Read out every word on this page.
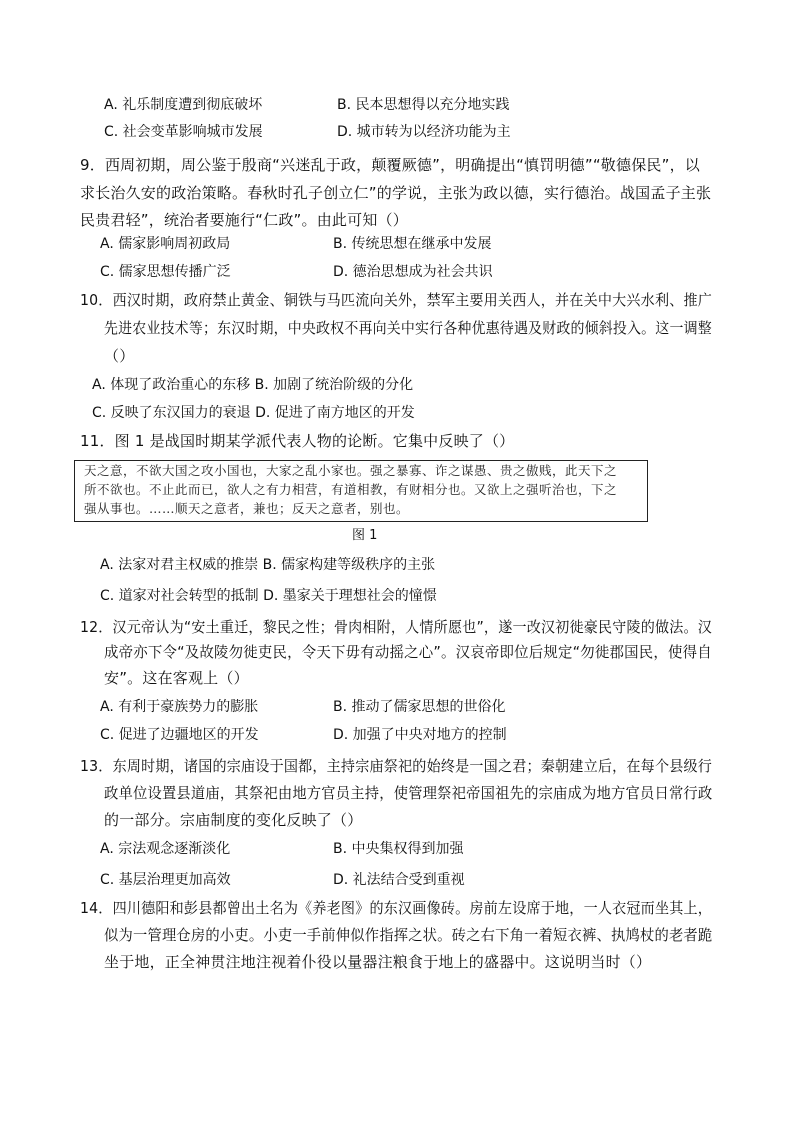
A. 礼乐制度遭到彻底破坏	B. 民本思想得以充分地实践
C. 社会变革影响城市发展	D. 城市转为以经济功能为主
9．西周初期，周公鉴于殷商“兴迷乱于政，颠覆厥德”，明确提出“慎罚明德”“敬德保民”，以
求长治久安的政治策略。春秋时孔子创立仁”的学说，主张为政以德，实行德治。战国孟子主张
民贵君轻”，统治者要施行“仁政”。由此可知（）
A. 儒家影响周初政局	B. 传统思想在继承中发展
C. 儒家思想传播广泛	D. 德治思想成为社会共识
10．西汉时期，政府禁止黄金、铜铁与马匹流向关外，禁军主要用关西人，并在关中大兴水利、推广
先进农业技术等；东汉时期，中央政权不再向关中实行各种优惠待遇及财政的倾斜投入。这一调整
（）
A. 体现了政治重心的东移 B. 加剧了统治阶级的分化
C. 反映了东汉国力的衰退 D. 促进了南方地区的开发
11．图 1 是战国时期某学派代表人物的论断。它集中反映了（）
天之意，不欲大国之攻小国也，大家之乱小家也。强之暴寡、诈之谋愚、贵之傲贱，此天下之
所不欲也。不止此而已，欲人之有力相营，有道相教，有财相分也。又欲上之强听治也，下之
强从事也。……顺天之意者，兼也；反天之意者，别也。
图 1
A. 法家对君主权威的推崇 B. 儒家构建等级秩序的主张
C. 道家对社会转型的抵制 D. 墨家关于理想社会的憧憬
12．汉元帝认为“安土重迁，黎民之性；骨肉相附，人情所愿也”，遂一改汉初徙豪民守陵的做法。汉
成帝亦下令“及故陵勿徙吏民，令天下毋有动摇之心”。汉哀帝即位后规定“勿徙郡国民，使得自
安”。这在客观上（）
A. 有利于豪族势力的膨胀	B. 推动了儒家思想的世俗化
C. 促进了边疆地区的开发	D. 加强了中央对地方的控制
13．东周时期，诸国的宗庙设于国都，主持宗庙祭祀的始终是一国之君；秦朝建立后，在每个县级行
政单位设置县道庙，其祭祀由地方官员主持，使管理祭祀帝国祖先的宗庙成为地方官员日常行政
的一部分。宗庙制度的变化反映了（）
A. 宗法观念逐渐淡化	B. 中央集权得到加强
C. 基层治理更加高效	D. 礼法结合受到重视
14．四川德阳和彭县都曾出土名为《养老图》的东汉画像砖。房前左设席于地，一人衣冠而坐其上，
似为一管理仓房的小吏。小吏一手前伸似作指挥之状。砖之右下角一着短衣裤、执鸠杖的老者跪
坐于地，正全神贯注地注视着仆役以量器注粮食于地上的盛器中。这说明当时（）
